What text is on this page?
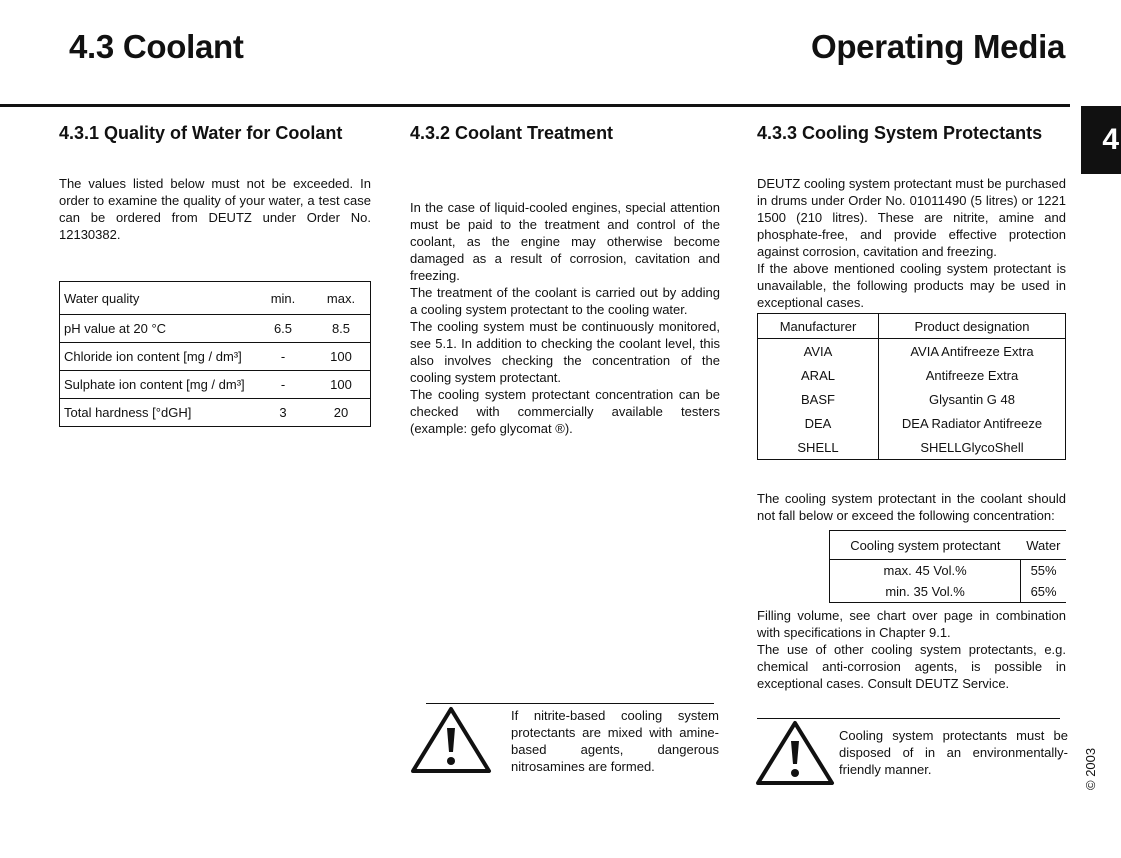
4.3 Coolant	Operating Media
4
4.3.1 Quality of Water for Coolant

The values listed below must not be exceeded. In order to examine the quality of your water, a test case can be ordered from DEUTZ under Order No. 12130382.

Water quality	min.	max.
pH value at 20 °C	6.5	8.5
Chloride ion content [mg / dm³]	-	100
Sulphate ion content [mg / dm³]	-	100
Total hardness [°dGH]	3	20
4.3.2 Coolant Treatment

In the case of liquid-cooled engines, special attention must be paid to the treatment and control of the coolant, as the engine may otherwise become damaged as a result of corrosion, cavitation and freezing.

The treatment of the coolant is carried out by adding a cooling system protectant to the cooling water.

The cooling system must be continuously monitored, see 5.1. In addition to checking the coolant level, this also involves checking the concentration of the cooling system protectant.

The cooling system protectant concentration can be checked with commercially available testers (example: gefo glycomat ®).

4.3.3 Cooling System Protectants

DEUTZ cooling system protectant must be purchased in drums under Order No. 01011490 (5 litres) or 1221 1500 (210 litres). These are nitrite, amine and phosphate-free, and provide effective protection against corrosion, cavitation and freezing.

If the above mentioned cooling system protectant is unavailable, the following products may be used in exceptional cases.

Manufacturer	Product designation
AVIA	AVIA Antifreeze Extra
ARAL	Antifreeze Extra
BASF	Glysantin G 48
DEA	DEA Radiator Antifreeze
SHELL	SHELLGlycoShell

The cooling system protectant in the coolant should not fall below or exceed the following concentration:

Cooling system protectant	Water
max. 45 Vol.%	55%
min. 35 Vol.%	65%

Filling volume, see chart over page in combination with specifications in Chapter 9.1.

The use of other cooling system protectants, e.g. chemical anti-corrosion agents, is possible in exceptional cases. Consult DEUTZ Service.

If nitrite-based cooling system protectants are mixed with amine-based agents, dangerous nitrosamines are formed.
Cooling system protectants must be disposed of in an environmentally-friendly manner.	© 2003
